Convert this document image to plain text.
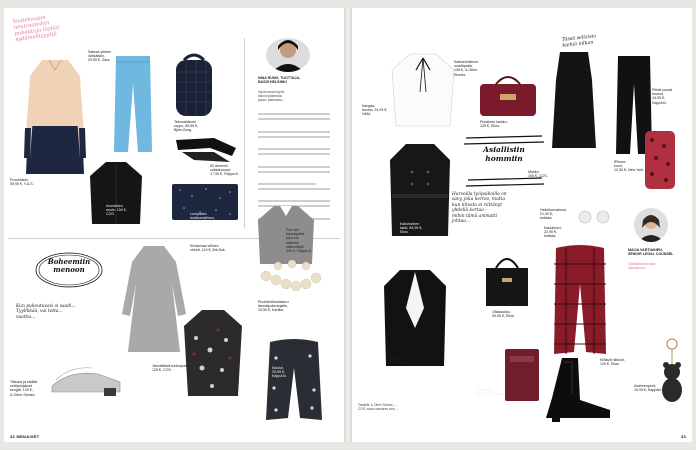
Vaatekaapin
neutraaleihin
pukeutuja löytää
sydämellisyyttä.
Puvuntakki,
59,95 €, Y.A.S.
Sateaa yhteen
värikäisiin,
29,95 €, Zara.
Tekonahkinen
reppu, 69,95 €,
Björn Borg.
NINA RUNG, TUOTTAJA,
BASIS HELSINKI
Hyvin sinun hyvin
istuva pukeutua
jossa, kakkoses...

60 denierin
sukkahousut,
17,95 €, Filippa K.
Avonainen
neule, 150 €,
COS.	Lompakko
laukkumallinen,
17,95 €, Lindex.
Kiviasmaa villinen
vihreä, 119 €, Bik Bok.
Pue alle
kauluspaita,
joka tuo
sisäisen
säkenöintä,
349 €, Filippa K.
Puuhelmikaulakoru
täsmäpukeutujalle,
15,50 €, Kartika.
Boheemiin
menoon
Kun pukeutuvasi si saadi...
Tyylikkää, vai totta...
vaattia...
Tikkaus ja sisältä
neliöpohjaiset
kengät, 149 €,
& Other Stories.
Jänniättävä tunikapaita,
125 €, COS.
Kauluri,
39,95 €,
KappAhl.
32 MENAISET
Tässä sellaisia
kiehiä nilkan
Kaikkeinhienon
rusettipaita,
108 €, & Other
Stories.
Kangas-
kaulus, 24,99 €,
H&M.
Punainen laukku,
129 €, Ellos.
Mekko,
100 €, COS.
Pitkät suorat
housut,
44,95 €,
KappAhl.
Kaksirivinen
takki, 89,95 €,
Ellos.
Asiallisiin
hommiin
Harvoilla työpaikoilla on
sävy, joka kertoo, mutta
kun liitosta ei riittänyt
yhdellä kertaa –
mihin tämä ammatti
johtaa...
iPhone-
kuori,
12,50 €, New York.
Helmikorvakorut,
21,90 €,
Indiska.
MAIJA VARTIAINEN,
SENIOR LEGAL COUNSEL
Tykkäänkorkeasta
klassikosta...
Kaulahuivi,
22,90 €,
Indiska.
Jakku,
59 €, Ellos.
Olkalaukku,
39,95 €, Ellos.
Kiiltävä nilkkuri,
129 €, Ellos.
Tyämuistio,
14,99 €, Papelan.
Tekstiilit: & Other Stories, ...
COS, www.cosstores.com, ...
Avaimenperä,
19,95 €, Kappahl.
33
